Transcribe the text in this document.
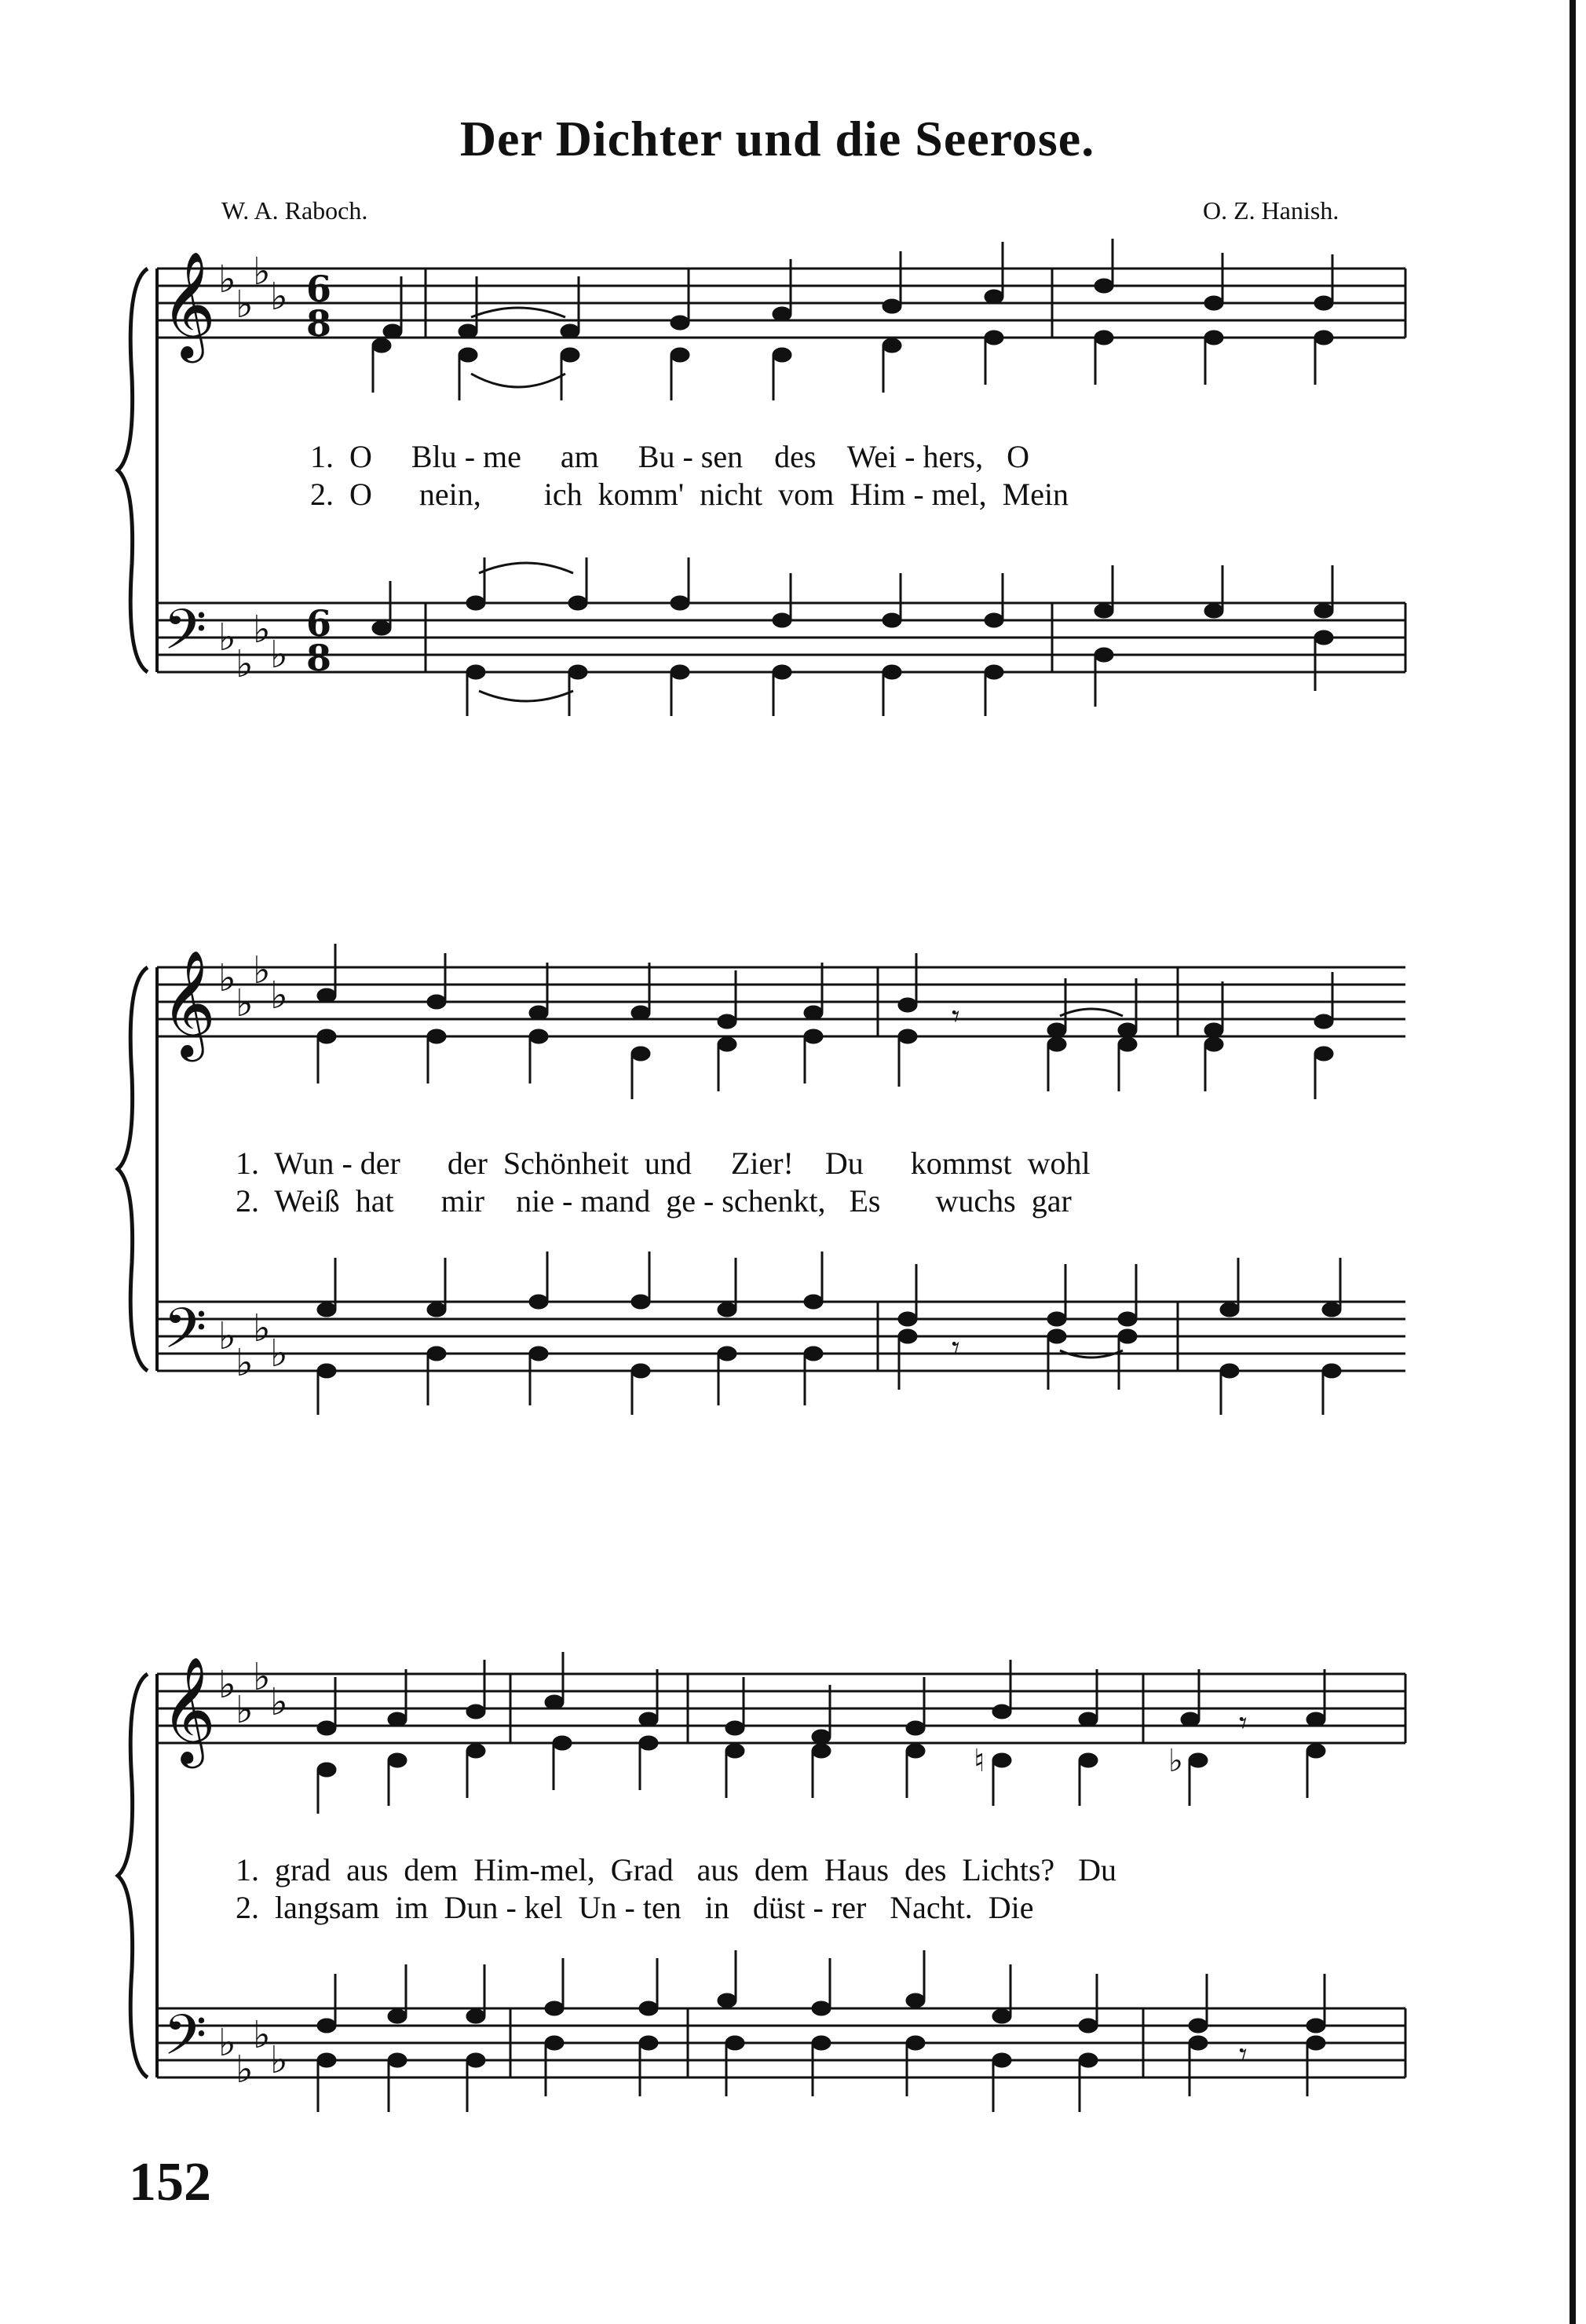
Der Dichter und die Seerose.
W. A. Raboch.	O. Z. Hanish.
𝄞
𝄢
♭
♭
♭
♭
♭
♭
♭
♭
6
8
6
8
1. O Blu - me am Bu - sen des Wei - hers, O
2. O nein, ich komm' nicht vom Him - mel, Mein
𝄞
𝄢
♭
♭
♭
♭
♭
♭
♭
♭
𝄾
𝄾
1. Wun - der der Schönheit und Zier! Du kommst wohl
2. Weiß hat mir nie - mand ge - schenkt, Es wuchs gar
𝄞
𝄢
♭
♭
♭
♭
♭
♭
♭
♭
♮	♭
𝄾
𝄾
1. grad aus dem Him-mel, Grad aus dem Haus des Lichts? Du
2. langsam im Dun - kel Un - ten in düst - rer Nacht. Die
152
